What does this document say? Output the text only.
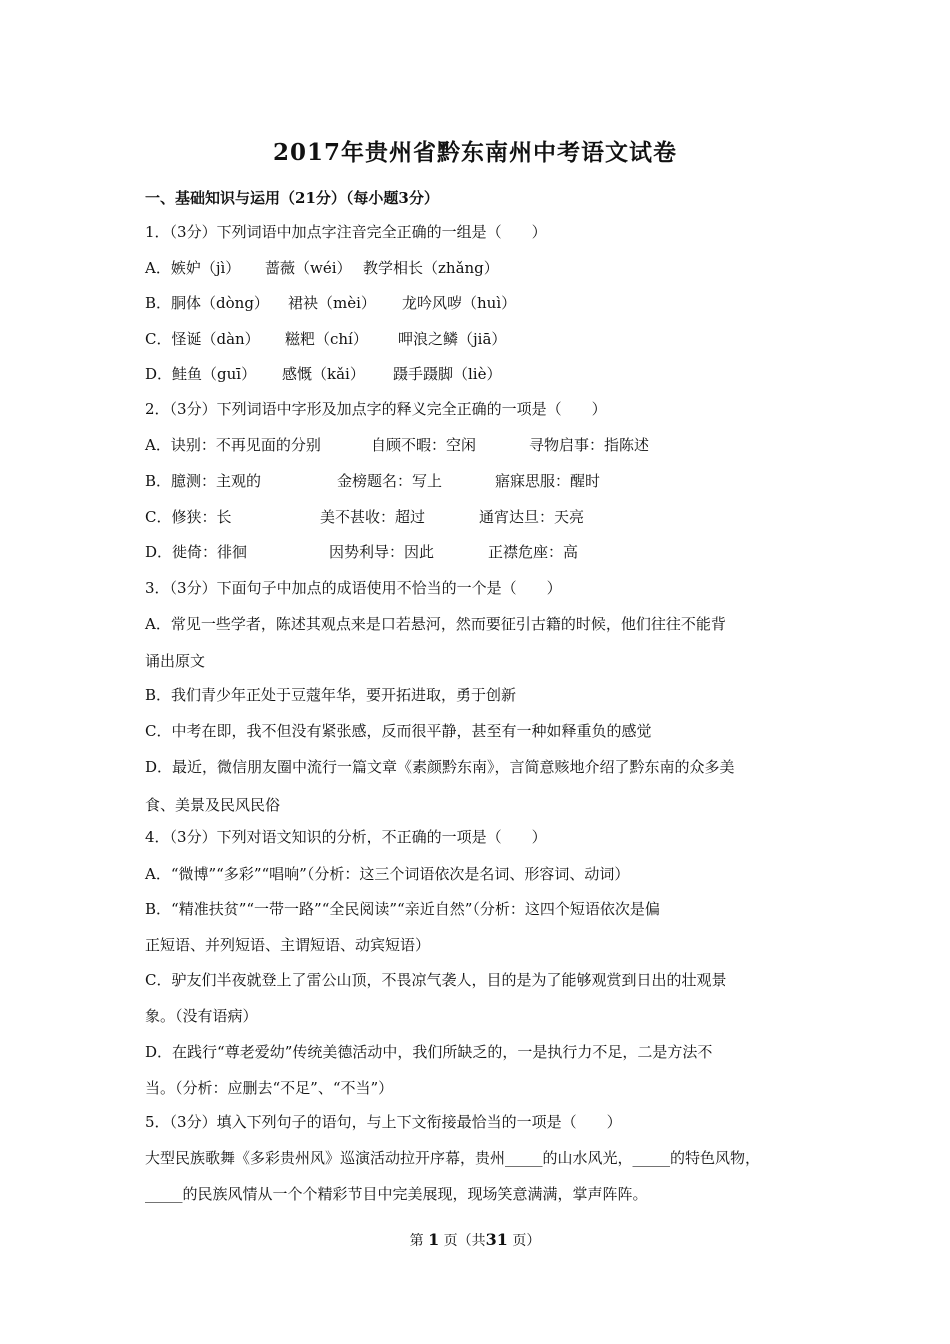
2017年贵州省黔东南州中考语文试卷
一、基础知识与运用（21分）（每小题3分）
1．（3分）下列词语中加点字注音完全正确的一组是（　　）
A．嫉妒（jì） 蔷薇（wéi） 教学相长（zhǎng）
B．胴体（dòng） 裙袂（mèi） 龙吟风哕（huì）
C．怪诞（dàn） 糍粑（chí） 呷浪之鳞（jiā）
D．鲑鱼（guī） 感慨（kǎi） 蹑手蹑脚（liè）
2．（3分）下列词语中字形及加点字的释义完全正确的一项是（　　）
A．诀别：不再见面的分别	自顾不暇：空闲	寻物启事：指陈述
B．臆测：主观的	金榜题名：写上	寤寐思服：醒时
C．修狭：长	美不甚收：超过	通宵达旦：天亮
D．徙倚：徘徊	因势利导：因此	正襟危座：高
3．（3分）下面句子中加点的成语使用不恰当的一个是（　　）
A．常见一些学者，陈述其观点来是口若悬河，然而要征引古籍的时候，他们往往不能背
诵出原文
B．我们青少年正处于豆蔻年华，要开拓进取，勇于创新
C．中考在即，我不但没有紧张感，反而很平静，甚至有一种如释重负的感觉
D．最近，微信朋友圈中流行一篇文章《素颜黔东南》，言简意赅地介绍了黔东南的众多美
食、美景及民风民俗
4．（3分）下列对语文知识的分析，不正确的一项是（　　）
A．“微博”“多彩”“唱响”（分析：这三个词语依次是名词、形容词、动词）
B．“精准扶贫”“一带一路”“全民阅读”“亲近自然”（分析：这四个短语依次是偏
正短语、并列短语、主谓短语、动宾短语）
C．驴友们半夜就登上了雷公山顶，不畏凉气袭人，目的是为了能够观赏到日出的壮观景
象。（没有语病）
D．在践行“尊老爱幼”传统美德活动中，我们所缺乏的，一是执行力不足，二是方法不
当。（分析：应删去“不足”、“不当”）
5．（3分）填入下列句子的语句，与上下文衔接最恰当的一项是（　　）
大型民族歌舞《多彩贵州风》巡演活动拉开序幕，贵州_____的山水风光，_____的特色风物，
_____的民族风情从一个个精彩节目中完美展现，现场笑意满满，掌声阵阵。
第 1 页（共31 页）
